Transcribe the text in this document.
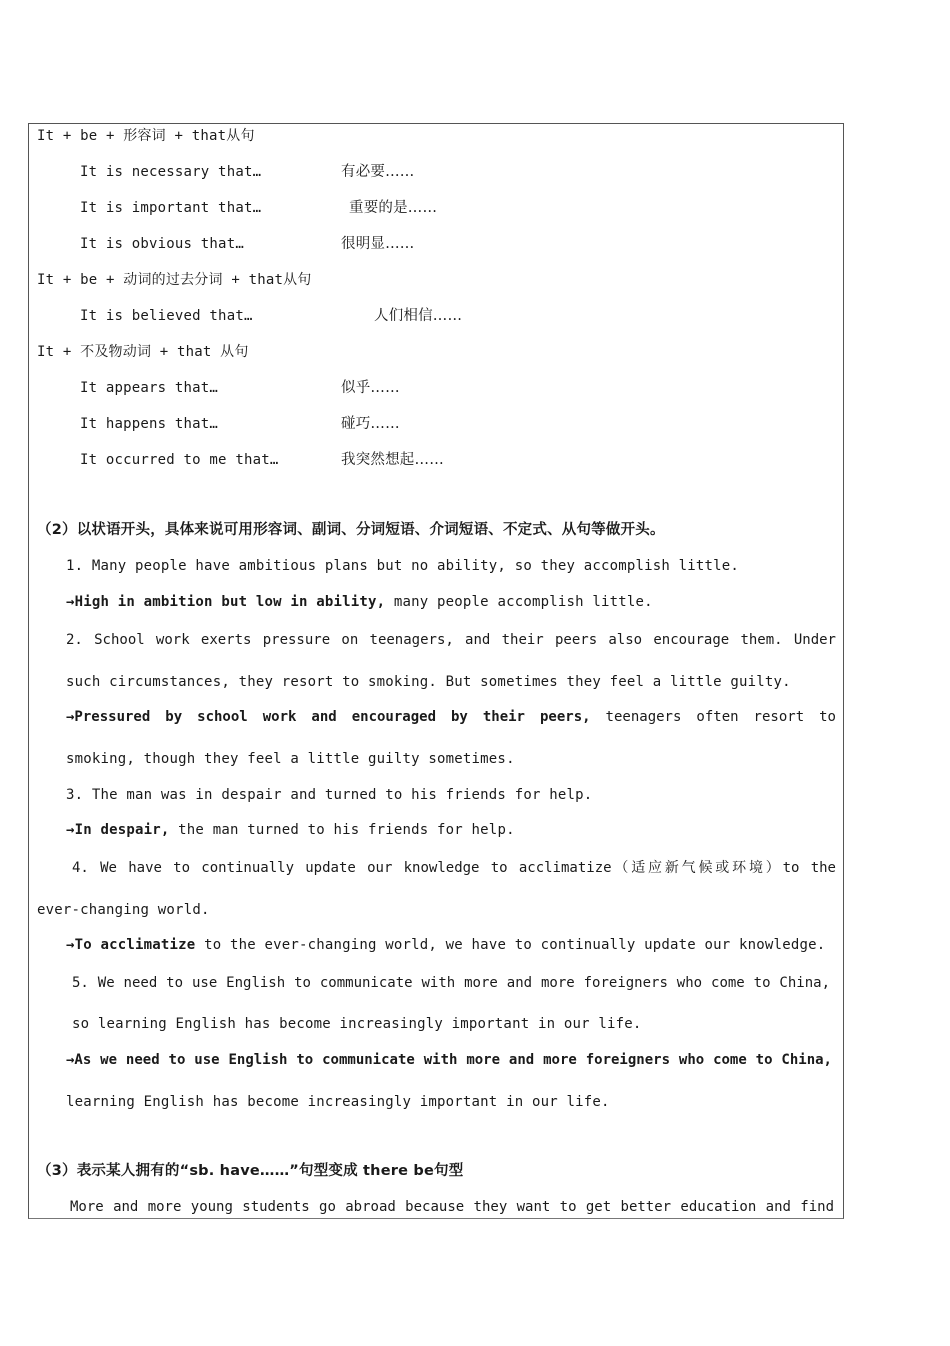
It + be + 形容词 + that从句
It is necessary that…	有必要……
It is important that…	重要的是……
It is obvious that…	很明显……
It + be + 动词的过去分词 + that从句
It is believed that…	人们相信……
It + 不及物动词 + that 从句
It appears that…	似乎……
It happens that…	碰巧……
It occurred to me that…	我突然想起……
（2）以状语开头，具体来说可用形容词、副词、分词短语、介词短语、不定式、从句等做开头。
1. Many people have ambitious plans but no ability, so they accomplish little.
→High in ambition but low in ability, many people accomplish little.
2. School work exerts pressure on teenagers, and their peers also encourage them. Under
such circumstances, they resort to smoking. But sometimes they feel a little guilty.
→Pressured by school work and encouraged by their peers, teenagers often resort to
smoking, though they feel a little guilty sometimes.
3. The man was in despair and turned to his friends for help.
→In despair, the man turned to his friends for help.
4. We have to continually update our knowledge to acclimatize（适应新气候或环境）to the
ever-changing world.
→To acclimatize to the ever-changing world, we have to continually update our knowledge.
5. We need to use English to communicate with more and more foreigners who come to China,
so learning English has become increasingly important in our life.
→As we need to use English to communicate with more and more foreigners who come to China,
learning English has become increasingly important in our life.
（3）表示某人拥有的“sb. have……”句型变成 there be句型
More and more young students go abroad because they want to get better education and find
